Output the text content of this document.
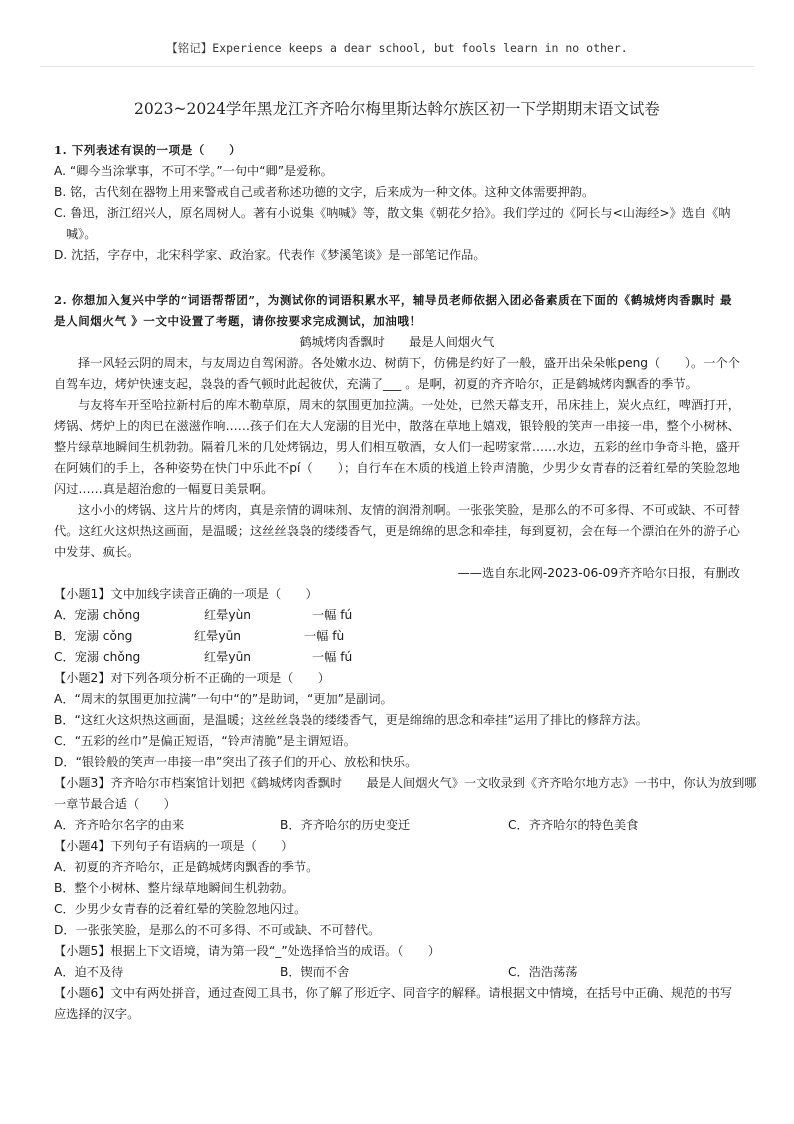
【铭记】Experience keeps a dear school, but fools learn in no other.
2023~2024学年黑龙江齐齐哈尔梅里斯达斡尔族区初一下学期期末语文试卷
1. 下列表述有误的一项是（　　）
A. “卿今当涂掌事，不可不学。”一句中“卿”是爱称。
B. 铭，古代刻在器物上用来警戒自己或者称述功德的文字，后来成为一种文体。这种文体需要押韵。
C. 鲁迅，浙江绍兴人，原名周树人。著有小说集《呐喊》等，散文集《朝花夕拾》。我们学过的《阿长与<山海经>》选自《呐
喊》。
D. 沈括，字存中，北宋科学家、政治家。代表作《梦溪笔谈》是一部笔记作品。
2. 你想加入复兴中学的“词语帮帮团”，为测试你的词语积累水平，辅导员老师依据入团必备素质在下面的《鹤城烤肉香飘时 最
是人间烟火气 》一文中设置了考题，请你按要求完成测试，加油哦！
鹤城烤肉香飘时　　最是人间烟火气
择一风轻云阴的周末，与友周边自驾闲游。各处嫩水边、树荫下，仿佛是约好了一般，盛开出朵朵帐peng（　　）。一个个自驾车边，烤炉快速支起，袅袅的香气顿时此起彼伏，充满了___ 。是啊，初夏的齐齐哈尔，正是鹤城烤肉飘香的季节。
与友将车开至哈拉新村后的库木勒草原，周末的氛围更加拉满。一处处，已然天幕支开，吊床挂上，炭火点红，啤酒打开，烤锅、烤炉上的肉已在滋滋作响……孩子们在大人宠溺的目光中，散落在草地上嬉戏，银铃般的笑声一串接一串，整个小树林、整片绿草地瞬间生机勃勃。隔着几米的几处烤锅边，男人们相互敬酒，女人们一起唠家常……水边，五彩的丝巾争奇斗艳，盛开在阿姨们的手上，各种姿势在快门中乐此不pí（　　）；自行车在木质的栈道上铃声清脆，少男少女青春的泛着红晕的笑脸忽地闪过……真是超治愈的一幅夏日美景啊。
这小小的烤锅、这片片的烤肉，真是亲情的调味剂、友情的润滑剂啊。一张张笑脸，是那么的不可多得、不可或缺、不可替代。这红火这炽热这画面，是温暖；这丝丝袅袅的缕缕香气，更是绵绵的思念和牵挂，每到夏初，会在每一个漂泊在外的游子心中发芽、疯长。
——选自东北网-2023-06-09齐齐哈尔日报，有删改
【小题1】文中加线字读音正确的一项是（　　）
A．宠溺 chǒng	红晕yùn	一幅 fú
B．宠溺 cǒng	红晕yūn	一幅 fù
C．宠溺 chǒng	红晕yūn	一幅 fú
【小题2】对下列各项分析不正确的一项是（　　）
A．“周末的氛围更加拉满”一句中“的”是助词，“更加”是副词。
B．“这红火这炽热这画面，是温暖；这丝丝袅袅的缕缕香气，更是绵绵的思念和牵挂”运用了排比的修辞方法。
C．“五彩的丝巾”是偏正短语，“铃声清脆”是主谓短语。
D．“银铃般的笑声一串接一串”突出了孩子们的开心、放松和快乐。
【小题3】齐齐哈尔市档案馆计划把《鹤城烤肉香飘时　　最是人间烟火气》一文收录到《齐齐哈尔地方志》一书中，你认为放到哪
一章节最合适（　　）
A．齐齐哈尔名字的由来	B．齐齐哈尔的历史变迁	C．齐齐哈尔的特色美食
【小题4】下列句子有语病的一项是（　　）
A．初夏的齐齐哈尔，正是鹤城烤肉飘香的季节。
B．整个小树林、整片绿草地瞬间生机勃勃。
C．少男少女青春的泛着红晕的笑脸忽地闪过。
D．一张张笑脸，是那么的不可多得、不可或缺、不可替代。
【小题5】根据上下文语境，请为第一段“_”处选择恰当的成语。（　　）
A．迫不及待	B．锲而不舍	C．浩浩荡荡
【小题6】文中有两处拼音，通过查阅工具书，你了解了形近字、同音字的解释。请根据文中情境，在括号中正确、规范的书写应选择的汉字。
